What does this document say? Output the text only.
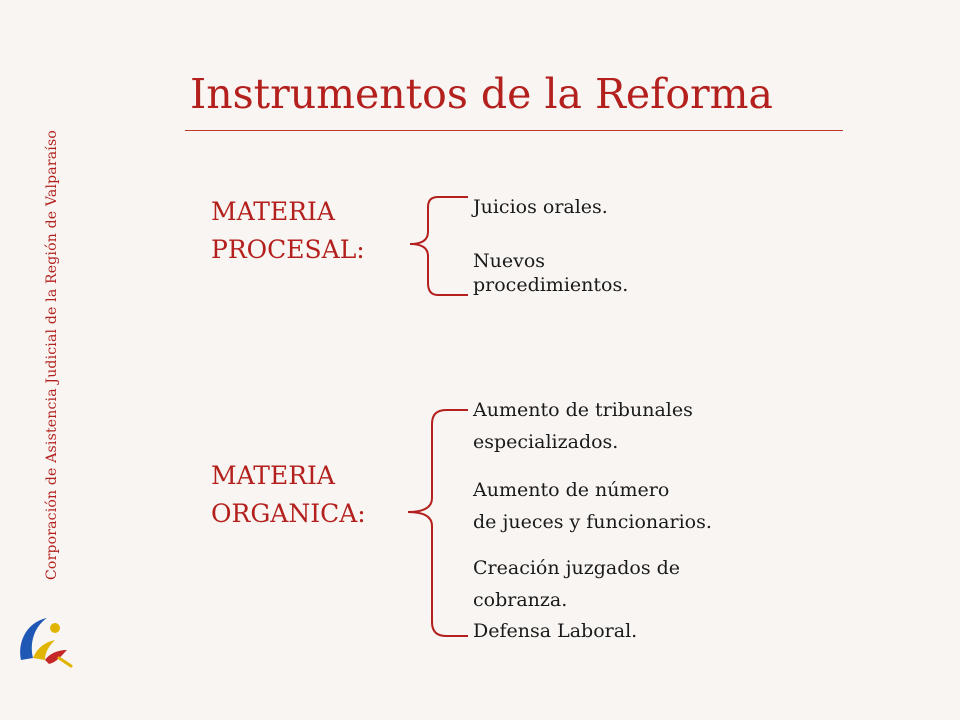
Corporación de Asistencia Judicial de la Región de Valparaíso
Instrumentos de la Reforma
MATERIA
PROCESAL:
Juicios orales.
Nuevos
procedimientos.
MATERIA
ORGANICA:
Aumento de tribunales
especializados.
Aumento de número
de jueces y funcionarios.
Creación juzgados de
cobranza.
Defensa Laboral.
